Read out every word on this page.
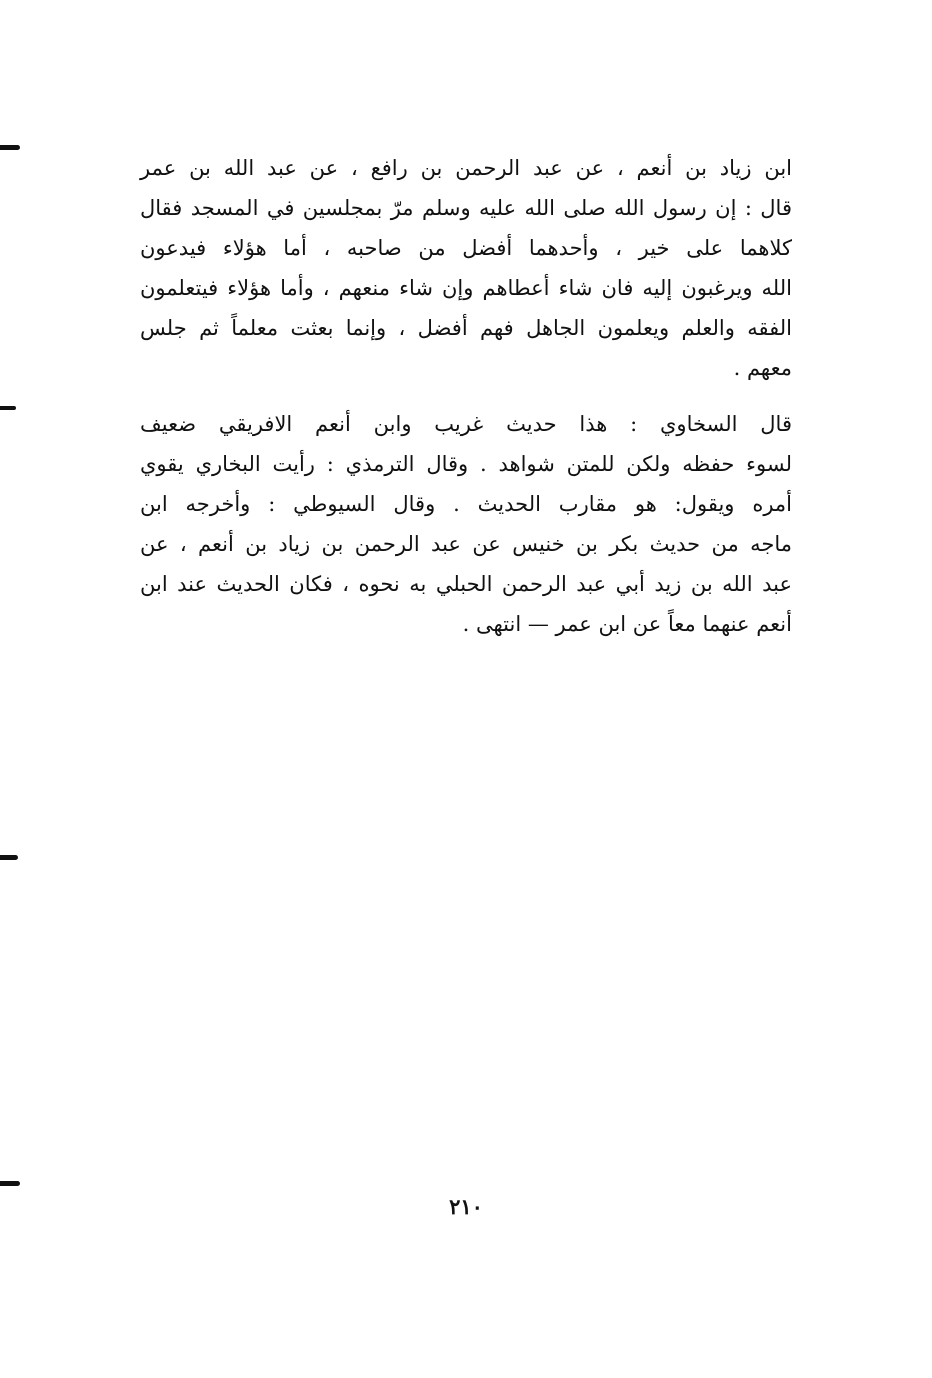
ابن زياد بن أنعم ، عن عبد الرحمن بن رافع ، عن عبد الله بن عمر
قال : إن رسول الله صلى الله عليه وسلم مرّ بمجلسين في المسجد فقال
كلاهما على خير ، وأحدهما أفضل من صاحبه ، أما هؤلاء فيدعون
الله ويرغبون إليه فان شاء أعطاهم وإن شاء منعهم ، وأما هؤلاء فيتعلمون
الفقه والعلم ويعلمون الجاهل فهم أفضل ، وإنما بعثت معلماً ثم جلس
معهم .
قال السخاوي : هذا حديث غريب وابن أنعم الافريقي ضعيف
لسوء حفظه ولكن للمتن شواهد . وقال الترمذي : رأيت البخاري يقوي
أمره ويقول: هو مقارب الحديث . وقال السيوطي : وأخرجه ابن
ماجه من حديث بكر بن خنيس عن عبد الرحمن بن زياد بن أنعم ، عن
عبد الله بن زيد أبي عبد الرحمن الحبلي به نحوه ، فكان الحديث عند ابن
أنعم عنهما معاً عن ابن عمر — انتهى .
٢١٠
